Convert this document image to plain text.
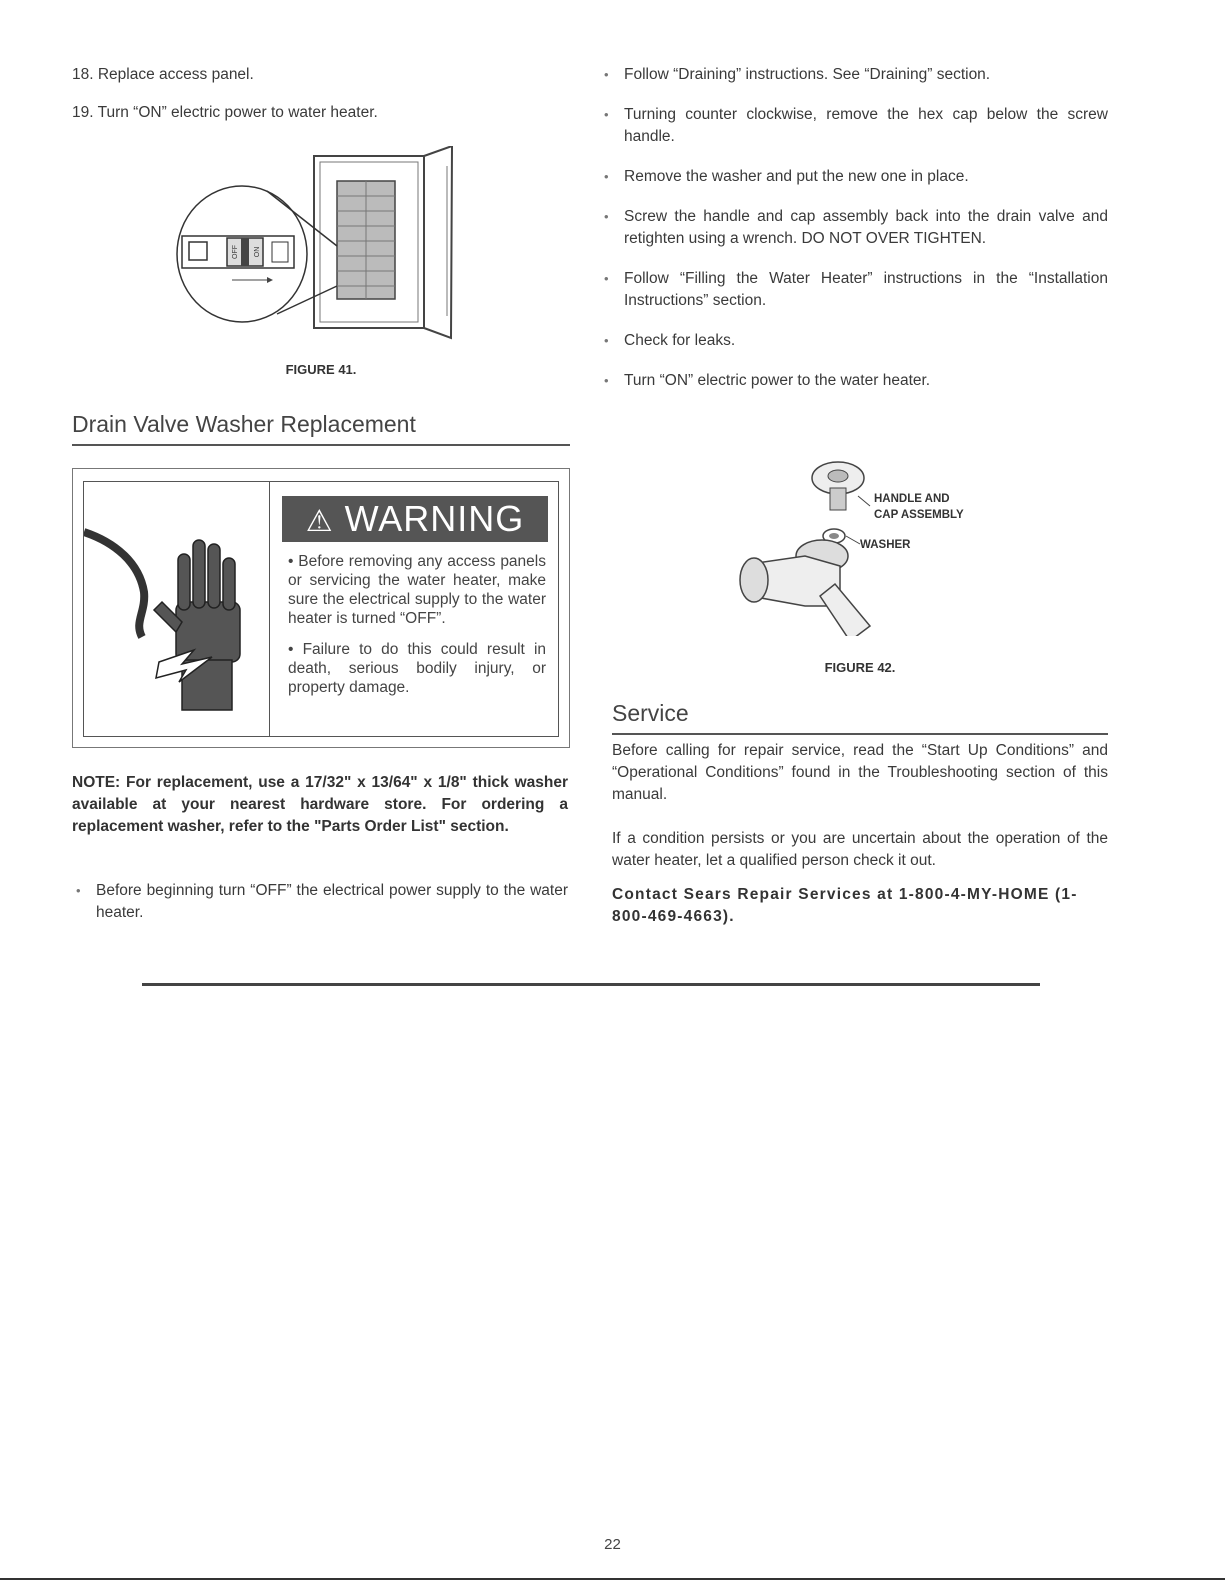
18. Replace access panel.

19. Turn “ON” electric power to water heater.

OFF ON
FIGURE 41.
Drain Valve Washer Replacement
⚠ WARNING

• Before removing any access panels or servicing the water heater, make sure the electrical supply to the water heater is turned “OFF”.

• Failure to do this could result in death, serious bodily injury, or property damage.

NOTE: For replacement, use a 17/32" x 13/64" x 1/8" thick washer available at your nearest hardware store. For ordering a replacement washer, refer to the "Parts Order List" section.

• Before beginning turn “OFF” the electrical power supply to the water heater.
• Follow “Draining” instructions. See “Draining” section.
• Turning counter clockwise, remove the hex cap below the screw handle.
• Remove the washer and put the new one in place.
• Screw the handle and cap assembly back into the drain valve and retighten using a wrench. DO NOT OVER TIGHTEN.
• Follow “Filling the Water Heater” instructions in the “Installation Instructions” section.
• Check for leaks.
• Turn “ON” electric power to the water heater.
HANDLE AND
CAP ASSEMBLY
WASHER
FIGURE 42.
Service

Before calling for repair service, read the “Start Up Conditions” and “Operational Conditions” found in the Troubleshooting section of this manual.

If a condition persists or you are uncertain about the operation of the water heater, let a qualified person check it out.

Contact Sears Repair Services at 1-800-4-MY-HOME (1-800-469-4663).

22
